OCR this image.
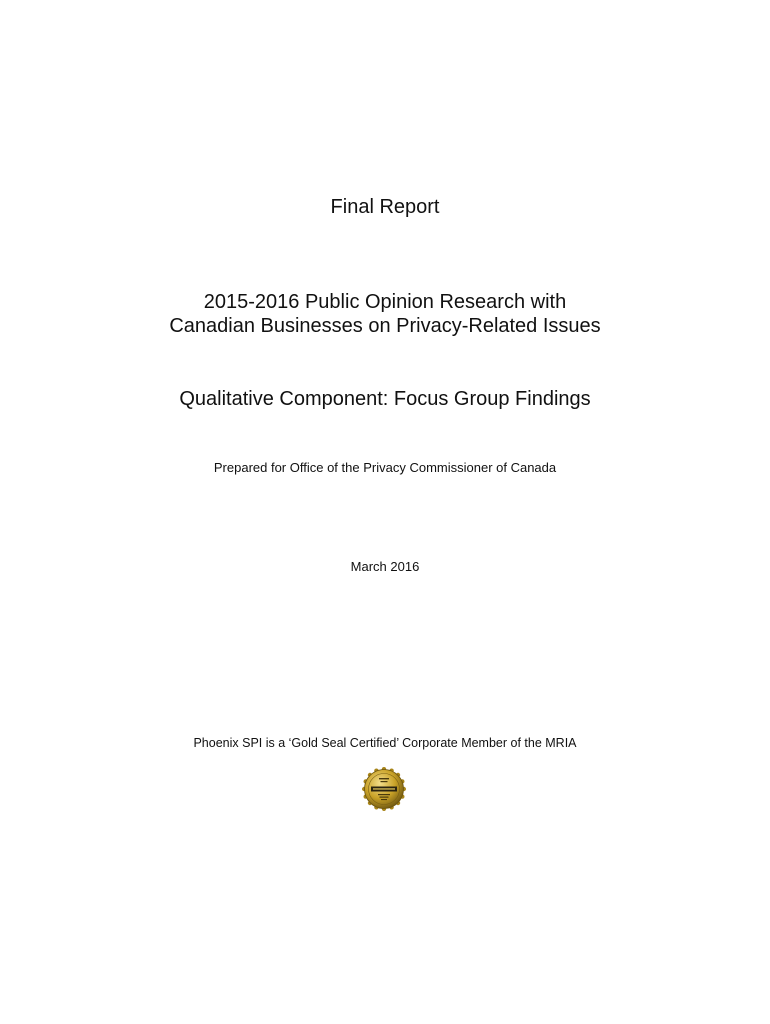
Final Report
2015-2016 Public Opinion Research with
Canadian Businesses on Privacy-Related Issues
Qualitative Component: Focus Group Findings
Prepared for Office of the Privacy Commissioner of Canada
March 2016
Phoenix SPI is a ‘Gold Seal Certified’ Corporate Member of the MRIA
